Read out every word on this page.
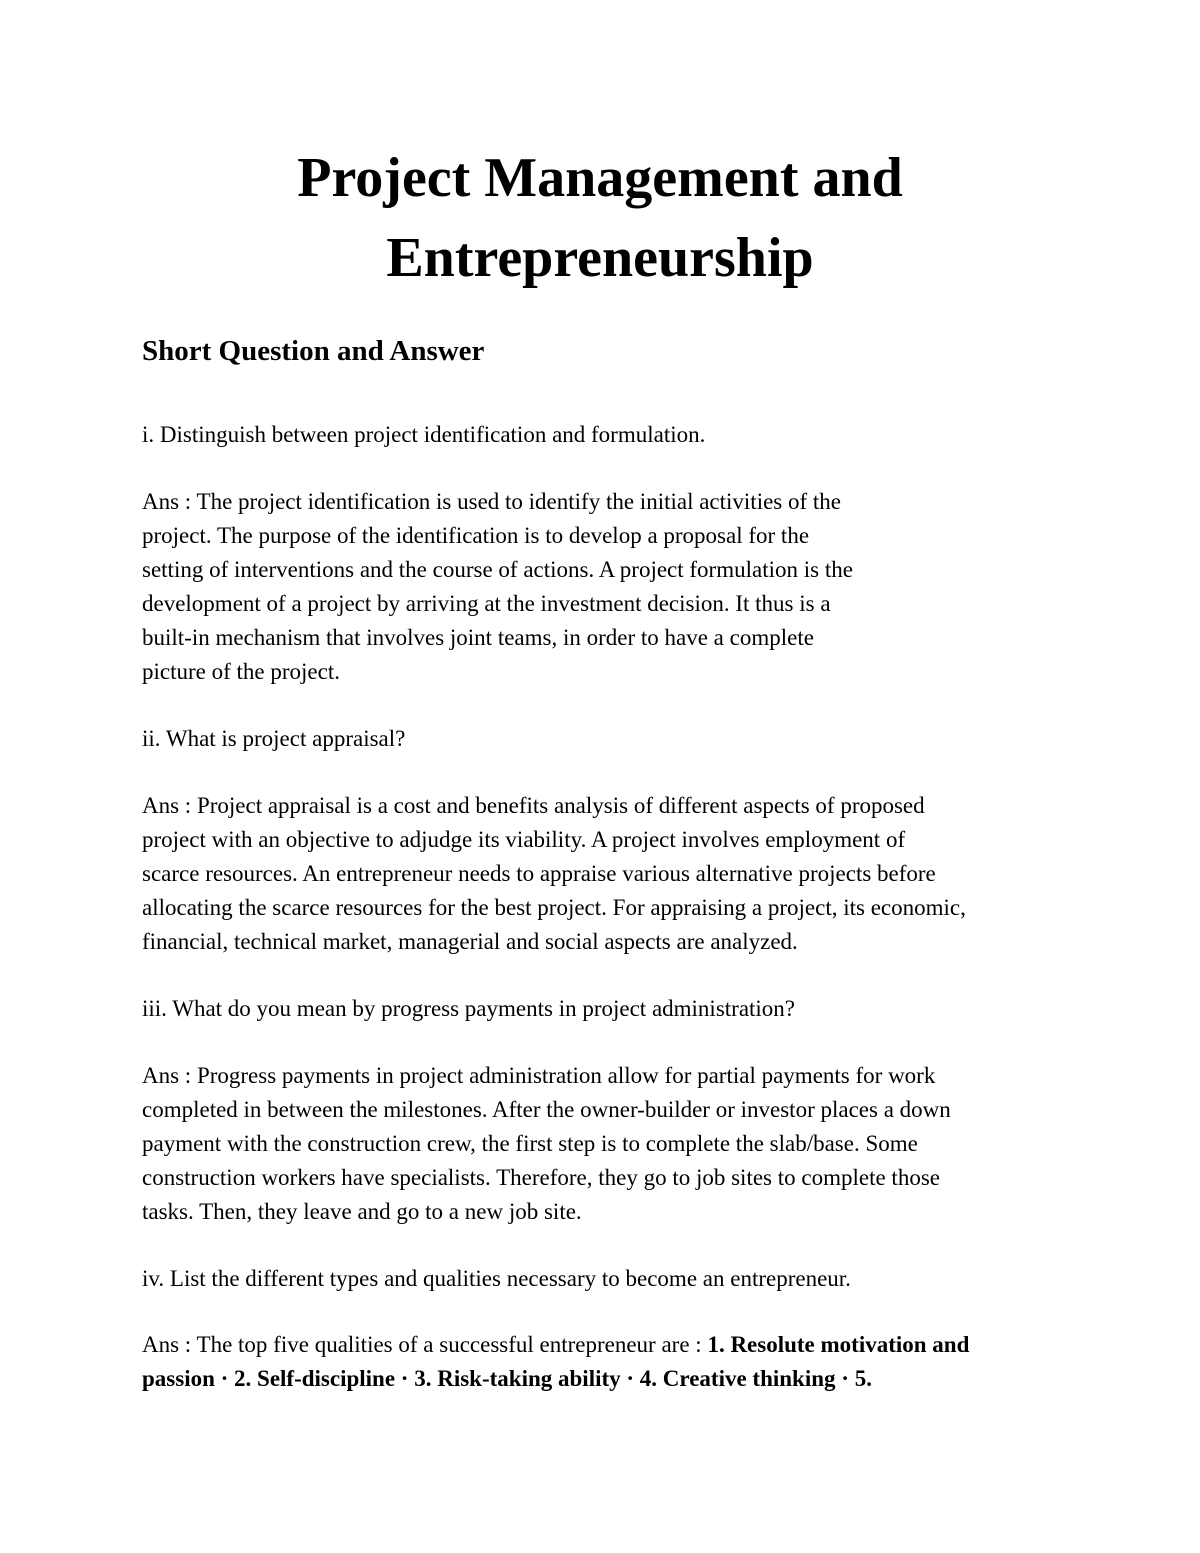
Project Management and
Entrepreneurship
Short Question and Answer

i. Distinguish between project identification and formulation.

Ans : The project identification is used to identify the initial activities of the
project. The purpose of the identification is to develop a proposal for the
setting of interventions and the course of actions. A project formulation is the
development of a project by arriving at the investment decision. It thus is a
built-in mechanism that involves joint teams, in order to have a complete
picture of the project.

ii. What is project appraisal?

Ans : Project appraisal is a cost and benefits analysis of different aspects of proposed
project with an objective to adjudge its viability. A project involves employment of
scarce resources. An entrepreneur needs to appraise various alternative projects before
allocating the scarce resources for the best project. For appraising a project, its economic,
financial, technical market, managerial and social aspects are analyzed.

iii. What do you mean by progress payments in project administration?

Ans : Progress payments in project administration allow for partial payments for work
completed in between the milestones. After the owner-builder or investor places a down
payment with the construction crew, the first step is to complete the slab/base. Some
construction workers have specialists. Therefore, they go to job sites to complete those
tasks. Then, they leave and go to a new job site.

iv. List the different types and qualities necessary to become an entrepreneur.

Ans : The top five qualities of a successful entrepreneur are : 1. Resolute motivation and
passion · 2. Self-discipline · 3. Risk-taking ability · 4. Creative thinking · 5.
